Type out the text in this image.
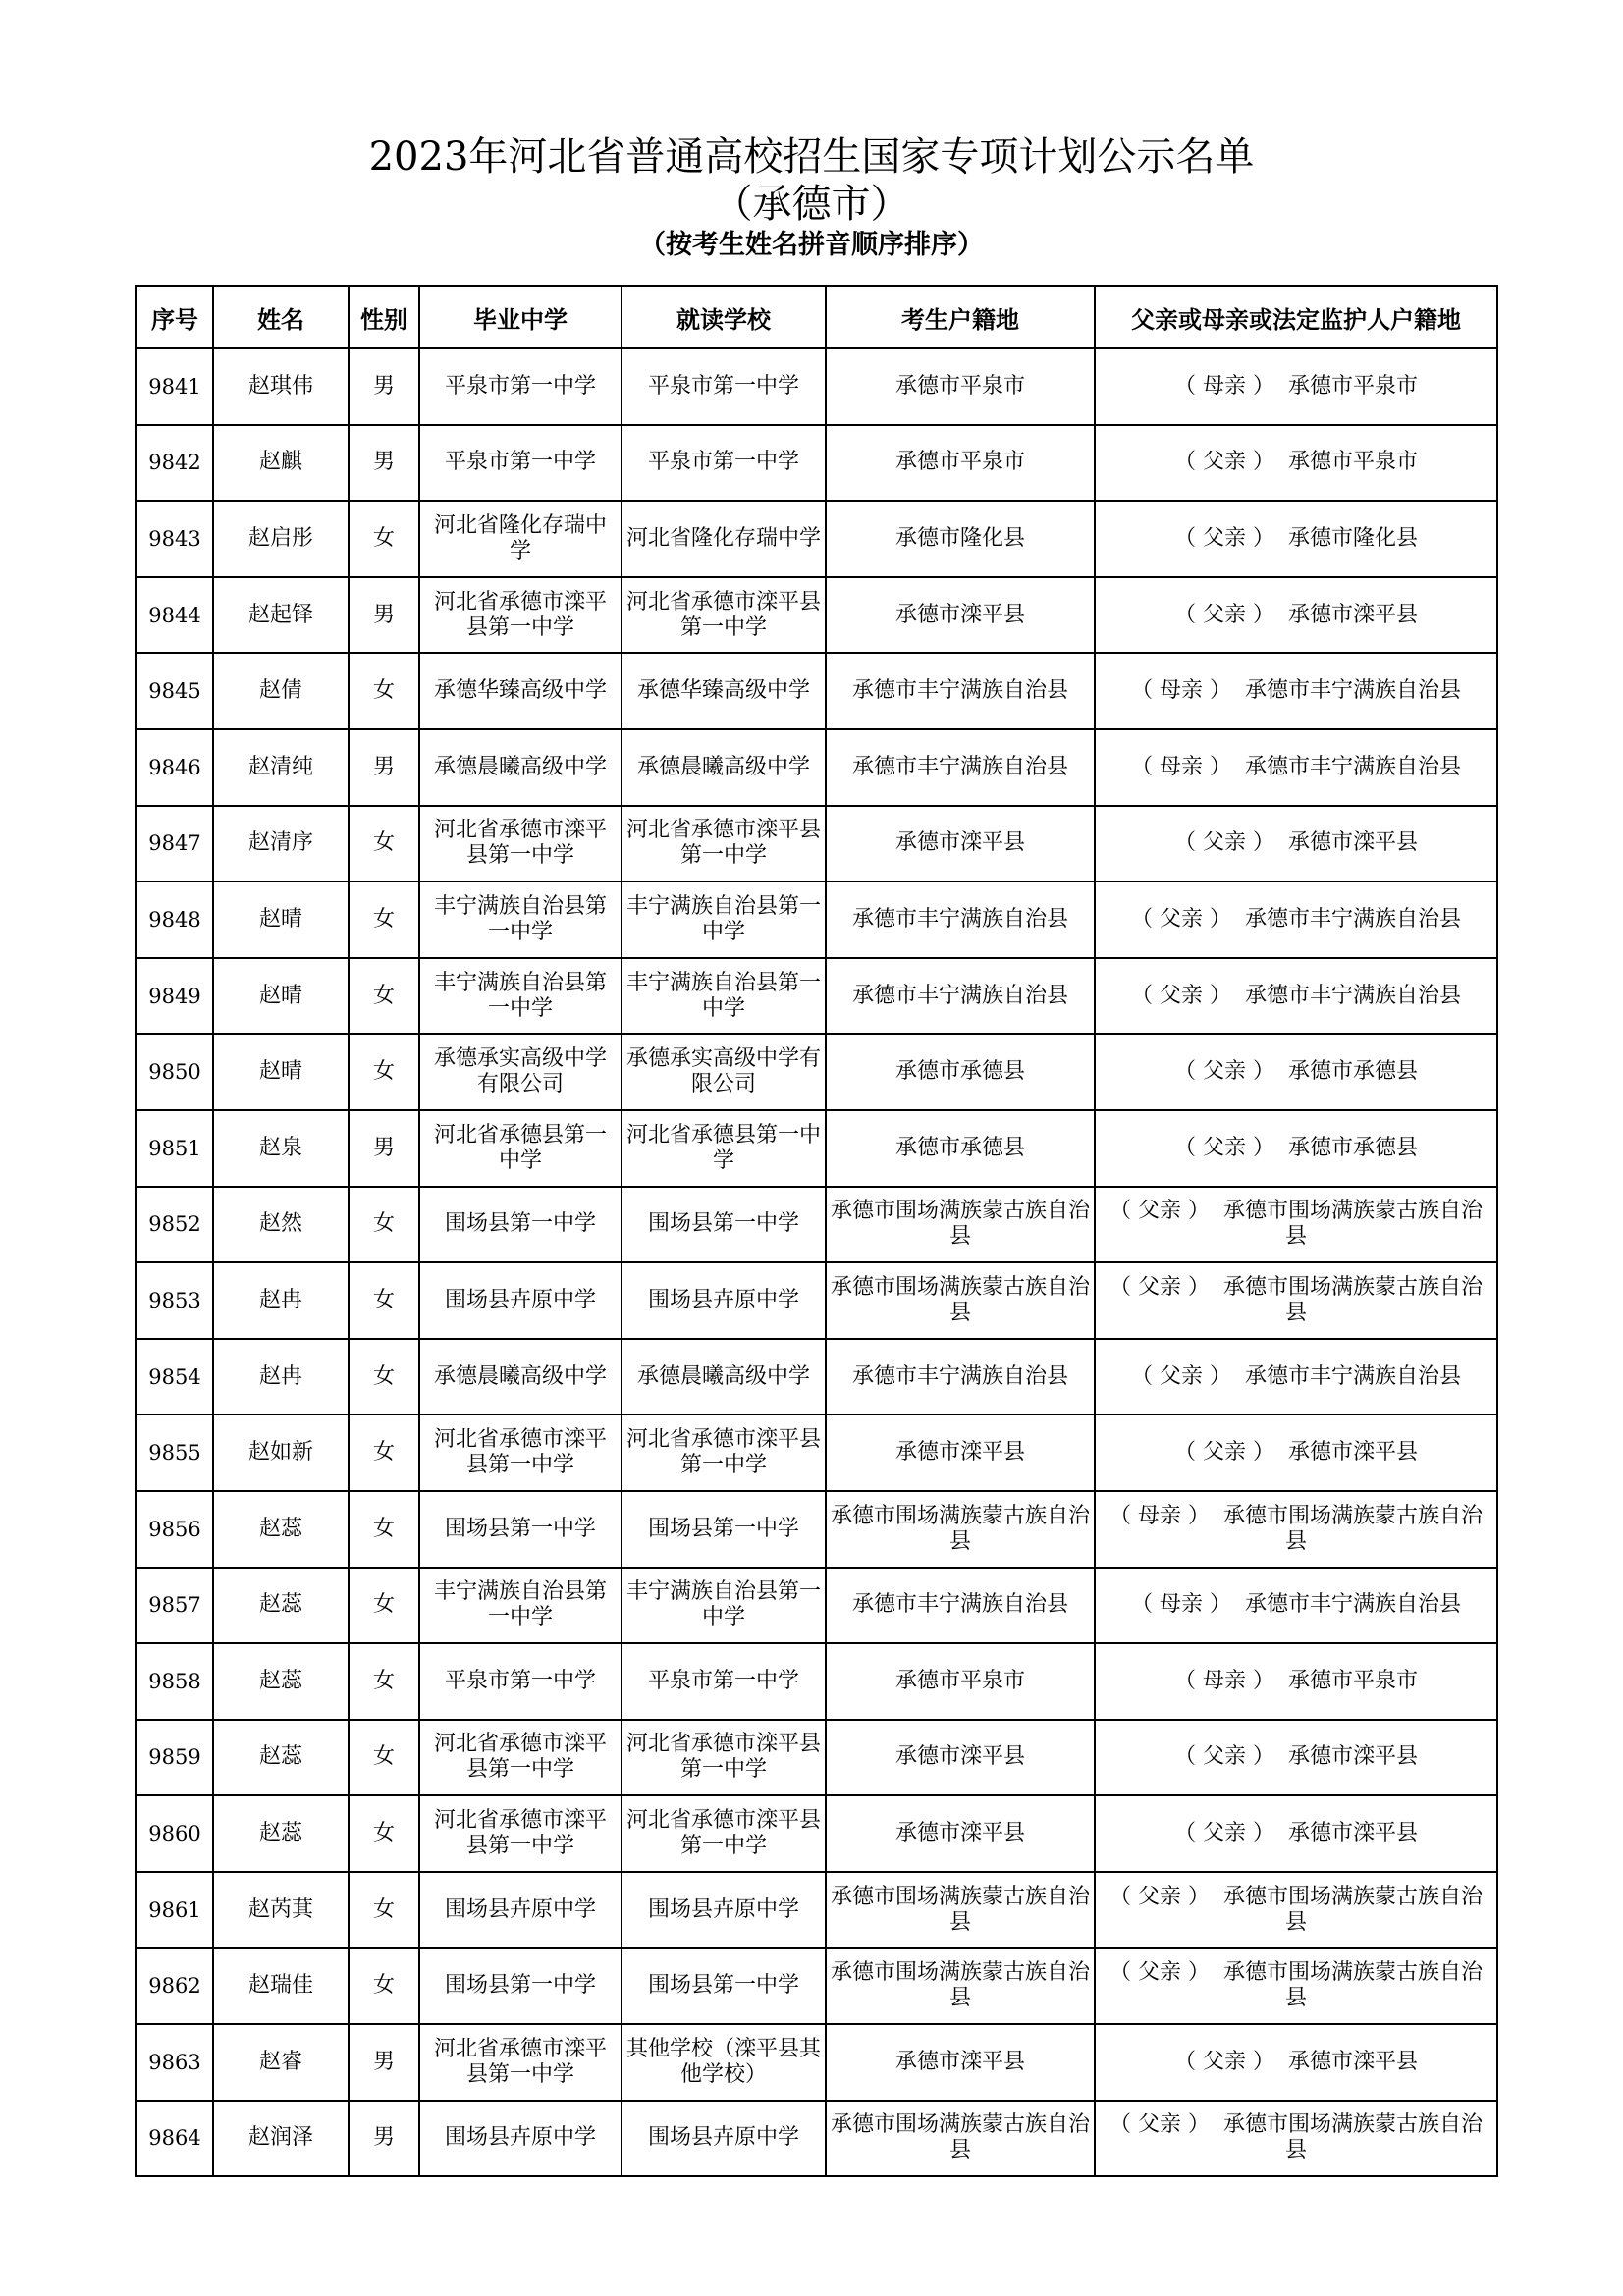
2023年河北省普通高校招生国家专项计划公示名单
（承德市）
（按考生姓名拼音顺序排序）
序号	姓名	性别	毕业中学	就读学校	考生户籍地	父亲或母亲或法定监护人户籍地
9841	赵琪伟	男	平泉市第一中学	平泉市第一中学	承德市平泉市	（ 母亲 ） 承德市平泉市
9842	赵麒	男	平泉市第一中学	平泉市第一中学	承德市平泉市	（ 父亲 ） 承德市平泉市
9843	赵启彤	女	河北省隆化存瑞中学	河北省隆化存瑞中学	承德市隆化县	（ 父亲 ） 承德市隆化县
9844	赵起铎	男	河北省承德市滦平县第一中学	河北省承德市滦平县第一中学	承德市滦平县	（ 父亲 ） 承德市滦平县
9845	赵倩	女	承德华臻高级中学	承德华臻高级中学	承德市丰宁满族自治县	（ 母亲 ） 承德市丰宁满族自治县
9846	赵清纯	男	承德晨曦高级中学	承德晨曦高级中学	承德市丰宁满族自治县	（ 母亲 ） 承德市丰宁满族自治县
9847	赵清序	女	河北省承德市滦平县第一中学	河北省承德市滦平县第一中学	承德市滦平县	（ 父亲 ） 承德市滦平县
9848	赵晴	女	丰宁满族自治县第一中学	丰宁满族自治县第一中学	承德市丰宁满族自治县	（ 父亲 ） 承德市丰宁满族自治县
9849	赵晴	女	丰宁满族自治县第一中学	丰宁满族自治县第一中学	承德市丰宁满族自治县	（ 父亲 ） 承德市丰宁满族自治县
9850	赵晴	女	承德承实高级中学有限公司	承德承实高级中学有限公司	承德市承德县	（ 父亲 ） 承德市承德县
9851	赵泉	男	河北省承德县第一中学	河北省承德县第一中学	承德市承德县	（ 父亲 ） 承德市承德县
9852	赵然	女	围场县第一中学	围场县第一中学	承德市围场满族蒙古族自治县	（ 父亲 ） 承德市围场满族蒙古族自治县
9853	赵冉	女	围场县卉原中学	围场县卉原中学	承德市围场满族蒙古族自治县	（ 父亲 ） 承德市围场满族蒙古族自治县
9854	赵冉	女	承德晨曦高级中学	承德晨曦高级中学	承德市丰宁满族自治县	（ 父亲 ） 承德市丰宁满族自治县
9855	赵如新	女	河北省承德市滦平县第一中学	河北省承德市滦平县第一中学	承德市滦平县	（ 父亲 ） 承德市滦平县
9856	赵蕊	女	围场县第一中学	围场县第一中学	承德市围场满族蒙古族自治县	（ 母亲 ） 承德市围场满族蒙古族自治县
9857	赵蕊	女	丰宁满族自治县第一中学	丰宁满族自治县第一中学	承德市丰宁满族自治县	（ 母亲 ） 承德市丰宁满族自治县
9858	赵蕊	女	平泉市第一中学	平泉市第一中学	承德市平泉市	（ 母亲 ） 承德市平泉市
9859	赵蕊	女	河北省承德市滦平县第一中学	河北省承德市滦平县第一中学	承德市滦平县	（ 父亲 ） 承德市滦平县
9860	赵蕊	女	河北省承德市滦平县第一中学	河北省承德市滦平县第一中学	承德市滦平县	（ 父亲 ） 承德市滦平县
9861	赵芮萁	女	围场县卉原中学	围场县卉原中学	承德市围场满族蒙古族自治县	（ 父亲 ） 承德市围场满族蒙古族自治县
9862	赵瑞佳	女	围场县第一中学	围场县第一中学	承德市围场满族蒙古族自治县	（ 父亲 ） 承德市围场满族蒙古族自治县
9863	赵睿	男	河北省承德市滦平县第一中学	其他学校（滦平县其他学校）	承德市滦平县	（ 父亲 ） 承德市滦平县
9864	赵润泽	男	围场县卉原中学	围场县卉原中学	承德市围场满族蒙古族自治县	（ 父亲 ） 承德市围场满族蒙古族自治县
